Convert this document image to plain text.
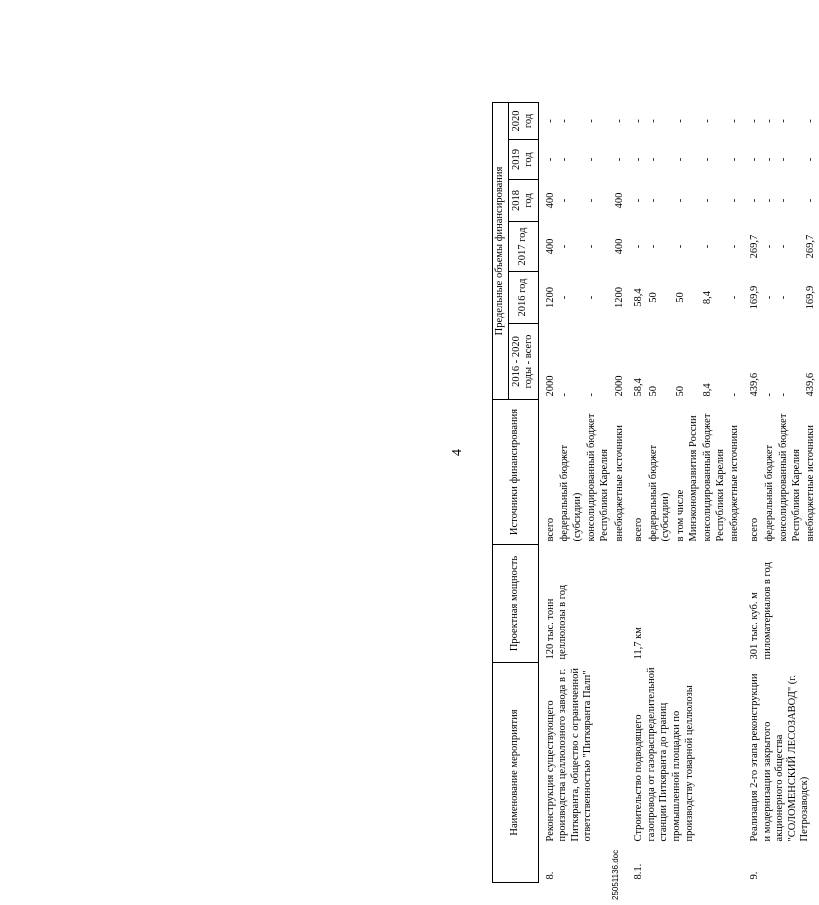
4
Наименование мероприятия		Проектная мощность	Источники финансирования	Предельные объемы финансирования					
				2016 - 2020 годы - всего	2016 год	2017 год	2018 год	2019 год	2020 год
8.	Реконструкция существующего производства целлюлозного завода в г. Питкяранта, общество с ограниченной ответственностью "Питкяранта Палп"	120 тыс. тонн целлюлозы в год	всего	2000	1200	400	400	-	-
			федеральный бюджет (субсидии)	-	-	-	-	-	-
			консолидированный бюджет Республики Карелия	-	-	-	-	-	-
			внебюджетные источники	2000	1200	400	400	-	-
8.1.	Строительство подводящего газопровода от газораспределительной станции Питкяранта до границ промышленной площадки по производству товарной целлюлозы	11,7 км	всего	58,4	58,4	-	-	-	-
			федеральный бюджет (субсидии)	50	50	-	-	-	-
			в том числе Минэкономразвития России	50	50	-	-	-	-
			консолидированный бюджет Республики Карелия	8,4	8,4	-	-	-	-
			внебюджетные источники	-	-	-	-	-	-
9.	Реализация 2-го этапа реконструкции и модернизации закрытого акционерного общества "СОЛОМЕНСКИЙ ЛЕСОЗАВОД" (г. Петрозаводск)	301 тыс. куб. м пиломатериалов в год	всего	439,6	169,9	269,7	-	-	-
			федеральный бюджет	-	-	-	-	-	-
			консолидированный бюджет Республики Карелия	-	-	-	-	-	-
			внебюджетные источники	439,6	169,9	269,7	-	-	-
25051136.doc
